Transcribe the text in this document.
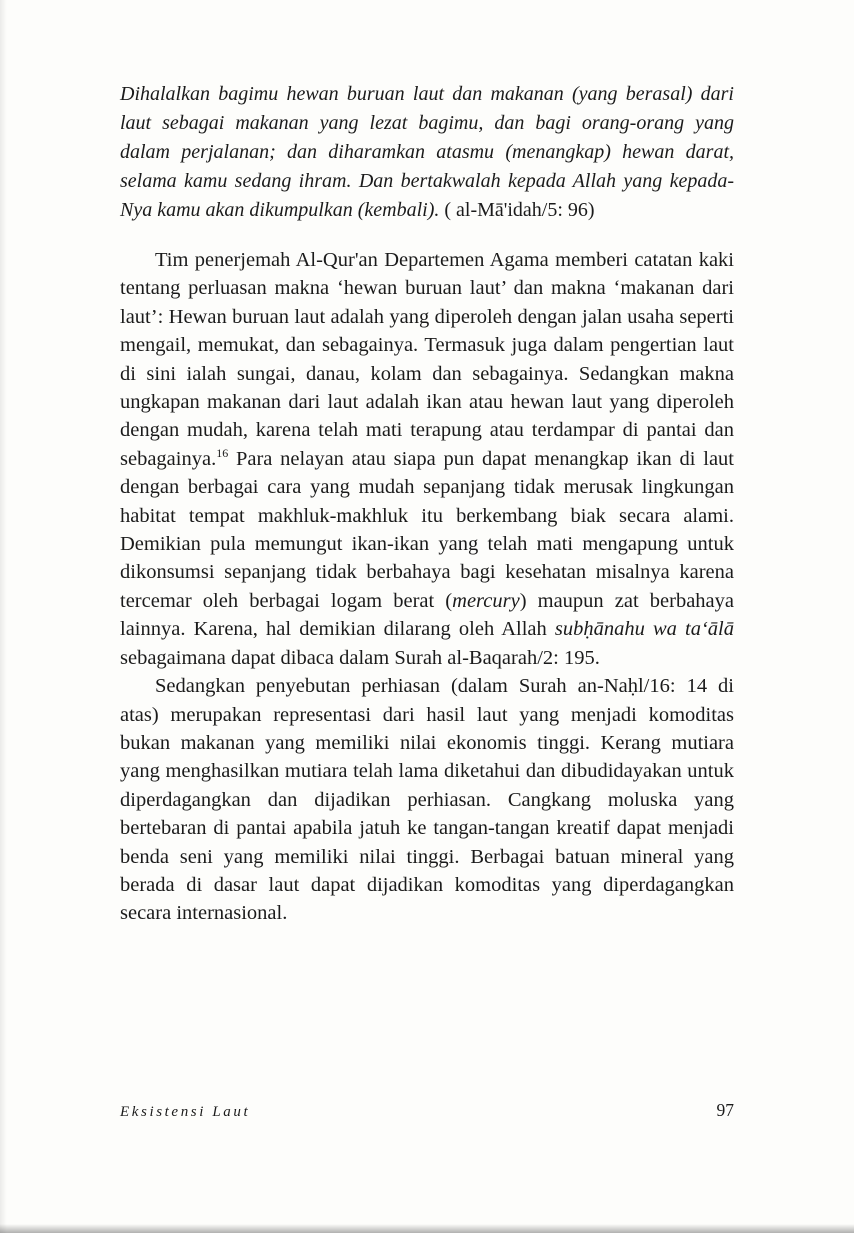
Dihalalkan bagimu hewan buruan laut dan makanan (yang berasal) dari laut sebagai makanan yang lezat bagimu, dan bagi orang-orang yang dalam perjalanan; dan diharamkan atasmu (menangkap) hewan darat, selama kamu sedang ihram. Dan bertakwalah kepada Allah yang kepada-Nya kamu akan dikumpulkan (kembali). ( al-Mā'idah/5: 96)

Tim penerjemah Al-Qur'an Departemen Agama memberi catatan kaki tentang perluasan makna ‘hewan buruan laut’ dan makna ‘makanan dari laut’: Hewan buruan laut adalah yang diperoleh dengan jalan usaha seperti mengail, memukat, dan sebagainya. Termasuk juga dalam pengertian laut di sini ialah sungai, danau, kolam dan sebagainya. Sedangkan makna ungkapan makanan dari laut adalah ikan atau hewan laut yang diperoleh dengan mudah, karena telah mati terapung atau terdampar di pantai dan sebagainya.$^{16}$ Para nelayan atau siapa pun dapat menangkap ikan di laut dengan berbagai cara yang mudah sepanjang tidak merusak lingkungan habitat tempat makhluk-makhluk itu berkembang biak secara alami. Demikian pula memungut ikan-ikan yang telah mati mengapung untuk dikonsumsi sepanjang tidak berbahaya bagi kesehatan misalnya karena tercemar oleh berbagai logam berat (mercury) maupun zat berbahaya lainnya. Karena, hal demikian dilarang oleh Allah subḥānahu wa ta‘ālā sebagaimana dapat dibaca dalam Surah al-Baqarah/2: 195.

Sedangkan penyebutan perhiasan (dalam Surah an-Naḥl/16: 14 di atas) merupakan representasi dari hasil laut yang menjadi komoditas bukan makanan yang memiliki nilai ekonomis tinggi. Kerang mutiara yang menghasilkan mutiara telah lama diketahui dan dibudidayakan untuk diperdagangkan dan dijadikan perhiasan. Cangkang moluska yang bertebaran di pantai apabila jatuh ke tangan-tangan kreatif dapat menjadi benda seni yang memiliki nilai tinggi. Berbagai batuan mineral yang berada di dasar laut dapat dijadikan komoditas yang diperdagangkan secara internasional.

Eksistensi Laut	97
